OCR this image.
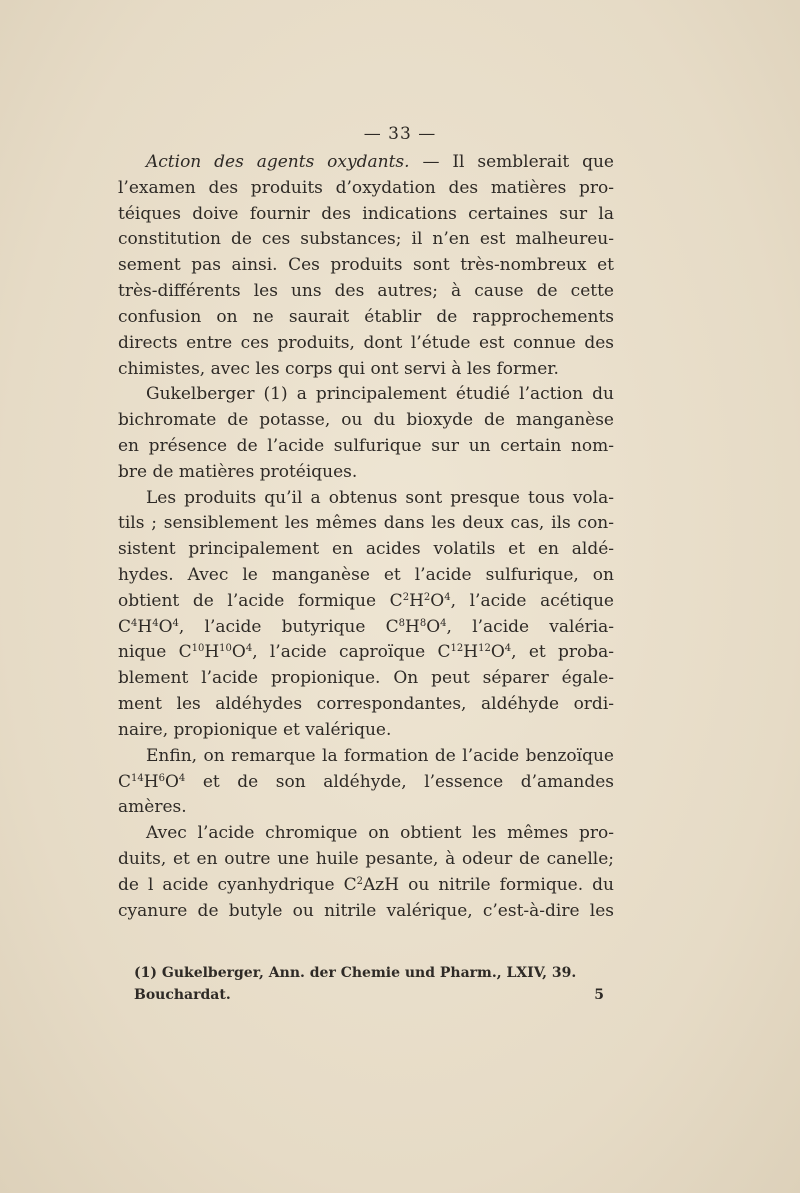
— 33 —
Action des agents oxydants. — Il semblerait que
l’examen des produits d’oxydation des matières pro-
téiques doive fournir des indications certaines sur la
constitution de ces substances; il n’en est malheureu-
sement pas ainsi. Ces produits sont très-nombreux et
très-différents les uns des autres; à cause de cette
confusion on ne saurait établir de rapprochements
directs entre ces produits, dont l’étude est connue des
chimistes, avec les corps qui ont servi à les former.
Gukelberger (1) a principalement étudié l’action du
bichromate de potasse, ou du bioxyde de manganèse
en présence de l’acide sulfurique sur un certain nom-
bre de matières protéiques.
Les produits qu’il a obtenus sont presque tous vola-
tils ; sensiblement les mêmes dans les deux cas, ils con-
sistent principalement en acides volatils et en aldé-
hydes. Avec le manganèse et l’acide sulfurique, on
obtient de l’acide formique $C^2H^2O^4$, l’acide acétique
$C^4H^4O^4$, l’acide butyrique $C^8H^8O^4$, l’acide valéria-
nique $C^{10}H^{10}O^4$, l’acide caproïque $C^{12}H^{12}O^4$, et proba-
blement l’acide propionique. On peut séparer égale-
ment les aldéhydes correspondantes, aldéhyde ordi-
naire, propionique et valérique.
Enfin, on remarque la formation de l’acide benzoïque
$C^{14}H^6O^4$ et de son aldéhyde, l’essence d’amandes
amères.
Avec l’acide chromique on obtient les mêmes pro-
duits, et en outre une huile pesante, à odeur de canelle;
de l acide cyanhydrique $C^2AzH$ ou nitrile formique. du
cyanure de butyle ou nitrile valérique, c’est-à-dire les
(1) Gukelberger, Ann. der Chemie und Pharm., LXIV, 39.
Bouchardat.	5
